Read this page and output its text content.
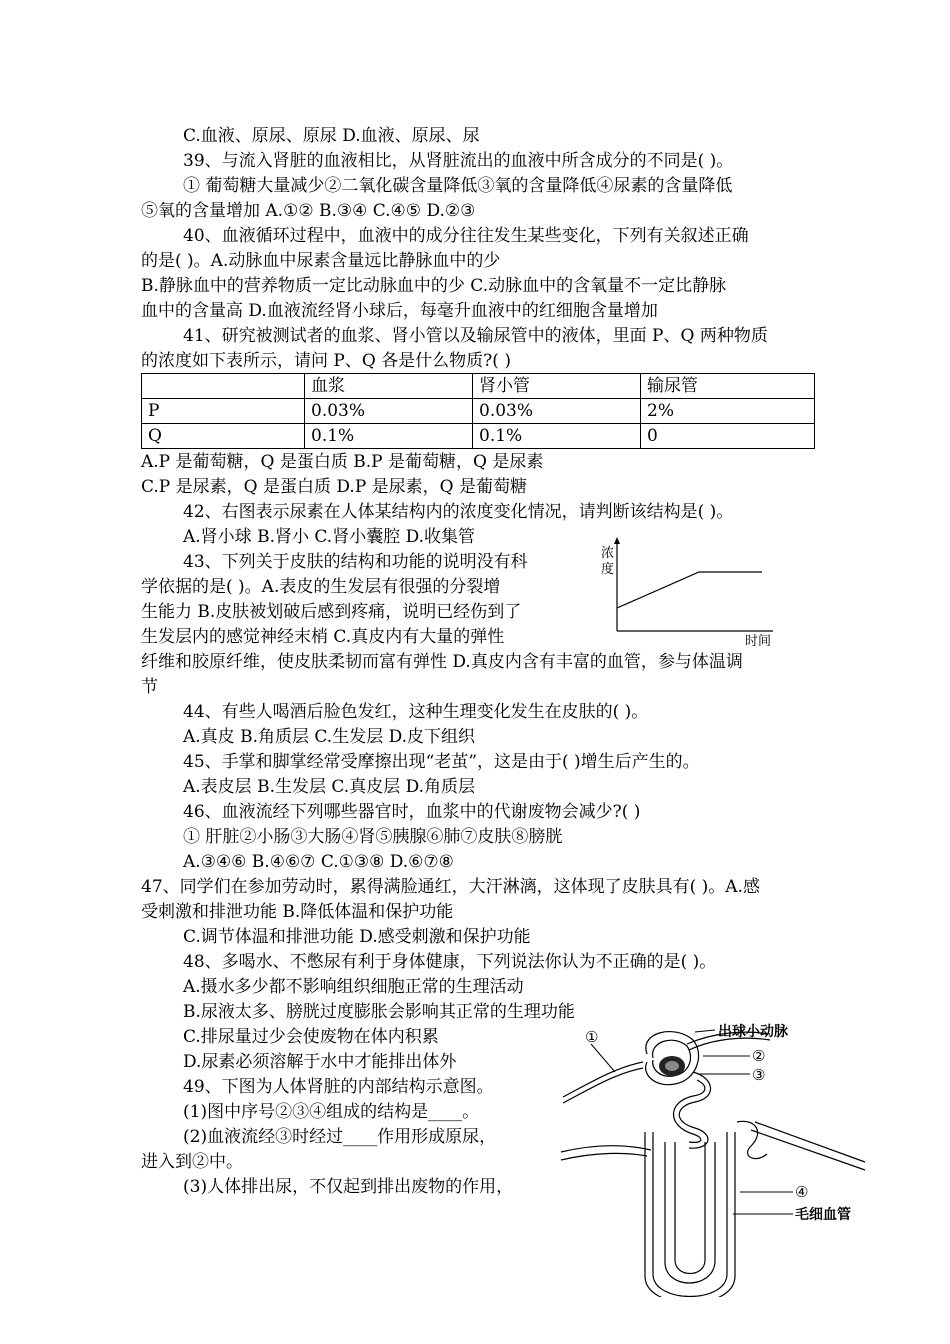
C.血液、原尿、原尿 D.血液、原尿、尿
39、与流入肾脏的血液相比，从肾脏流出的血液中所含成分的不同是( )。
① 葡萄糖大量减少②二氧化碳含量降低③氧的含量降低④尿素的含量降低
⑤氧的含量增加 A.①② B.③④ C.④⑤ D.②③
40、血液循环过程中，血液中的成分往往发生某些变化，下列有关叙述正确
的是( )。A.动脉血中尿素含量远比静脉血中的少
B.静脉血中的营养物质一定比动脉血中的少 C.动脉血中的含氧量不一定比静脉
血中的含量高 D.血液流经肾小球后，每毫升血液中的红细胞含量增加
41、研究被测试者的血浆、肾小管以及输尿管中的液体，里面 P、Q 两种物质
的浓度如下表所示，请问 P、Q 各是什么物质?( )
	血浆	肾小管	输尿管
P	0.03%	0.03%	2%
Q	0.1%	0.1%	0
A.P 是葡萄糖，Q 是蛋白质 B.P 是葡萄糖，Q 是尿素
C.P 是尿素，Q 是蛋白质 D.P 是尿素，Q 是葡萄糖
42、右图表示尿素在人体某结构内的浓度变化情况，请判断该结构是( )。
A.肾小球 B.肾小 C.肾小囊腔 D.收集管
43、下列关于皮肤的结构和功能的说明没有科
学依据的是( )。A.表皮的生发层有很强的分裂增
生能力 B.皮肤被划破后感到疼痛，说明已经伤到了
生发层内的感觉神经末梢 C.真皮内有大量的弹性
纤维和胶原纤维，使皮肤柔韧而富有弹性 D.真皮内含有丰富的血管，参与体温调
节
44、有些人喝酒后脸色发红，这种生理变化发生在皮肤的( )。
A.真皮 B.角质层 C.生发层 D.皮下组织
45、手掌和脚掌经常受摩擦出现“老茧”，这是由于( )增生后产生的。
A.表皮层 B.生发层 C.真皮层 D.角质层
46、血液流经下列哪些器官时，血浆中的代谢废物会减少?( )
① 肝脏②小肠③大肠④肾⑤胰腺⑥肺⑦皮肤⑧膀胱
A.③④⑥ B.④⑥⑦ C.①③⑧ D.⑥⑦⑧
47、同学们在参加劳动时，累得满脸通红，大汗淋漓，这体现了皮肤具有( )。A.感
受刺激和排泄功能 B.降低体温和保护功能
C.调节体温和排泄功能 D.感受刺激和保护功能
48、多喝水、不憋尿有利于身体健康，下列说法你认为不正确的是( )。
A.摄水多少都不影响组织细胞正常的生理活动
B.尿液太多、膀胱过度膨胀会影响其正常的生理功能
C.排尿量过少会使废物在体内积累
D.尿素必须溶解于水中才能排出体外
49、下图为人体肾脏的内部结构示意图。
(1)图中序号②③④组成的结构是____。
(2)血液流经③时经过____作用形成原尿，
进入到②中。
(3)人体排出尿，不仅起到排出废物的作用，
浓
度
时间
①	出球小动脉
②
③
④
毛细血管
